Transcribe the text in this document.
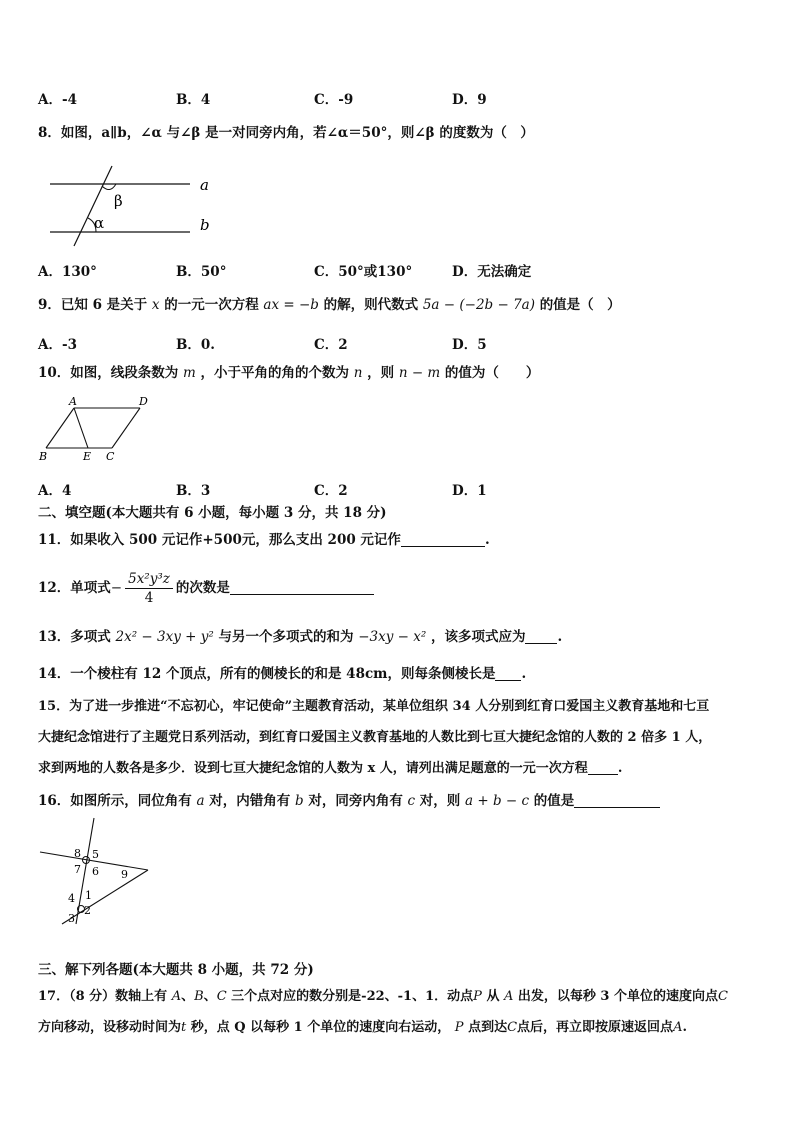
A．-4	B．4	C．-9	D．9
8．如图，a∥b，∠α 与∠β 是一对同旁内角，若∠α＝50°，则∠β 的度数为（　）
a
b
β
α
A．130°	B．50°	C．50°或130°	D．无法确定
9．已知 6 是关于 x 的一元一次方程 ax = −b 的解，则代数式 5a − (−2b − 7a) 的值是（　）
A．-3	B．0.	C．2	D．5
10．如图，线段条数为 m ，小于平角的角的个数为 n ，则 n − m 的值为（　　）
A	D
B	E C
A．4	B．3	C．2	D．1
二、填空题(本大题共有 6 小题，每小题 3 分，共 18 分)
11．如果收入 500 元记作+500元，那么支出 200 元记作	.
12．单项式− $\frac{\text{5x²y³z}}{4}$ 的次数是
13．多项式 2x² − 3xy + y² 与另一个多项式的和为 −3xy − x² ，该多项式应为 .
14．一个棱柱有 12 个顶点，所有的侧棱长的和是 48cm，则每条侧棱长是 .
15．为了进一步推进“不忘初心，牢记使命”主题教育活动，某单位组织 34 人分别到红育口爱国主义教育基地和七亘
大捷纪念馆进行了主题党日系列活动，到红育口爱国主义教育基地的人数比到七亘大捷纪念馆的人数的 2 倍多 1 人，
求到两地的人数各是多少．设到七亘大捷纪念馆的人数为 x 人，请列出满足题意的一元一次方程 .
16．如图所示，同位角有 a 对，内错角有 b 对，同旁内角有 c 对，则 a + b − c 的值是
8 5
7 6 9
4 1
3
2
三、解下列各题(本大题共 8 小题，共 72 分)
17．（8 分）数轴上有 A、B、C 三个点对应的数分别是-22、-1、1．动点P 从 A 出发，以每秒 3 个单位的速度向点C
方向移动，设移动时间为t 秒，点 Q 以每秒 1 个单位的速度向右运动， P 点到达C点后，再立即按原速返回点A.
